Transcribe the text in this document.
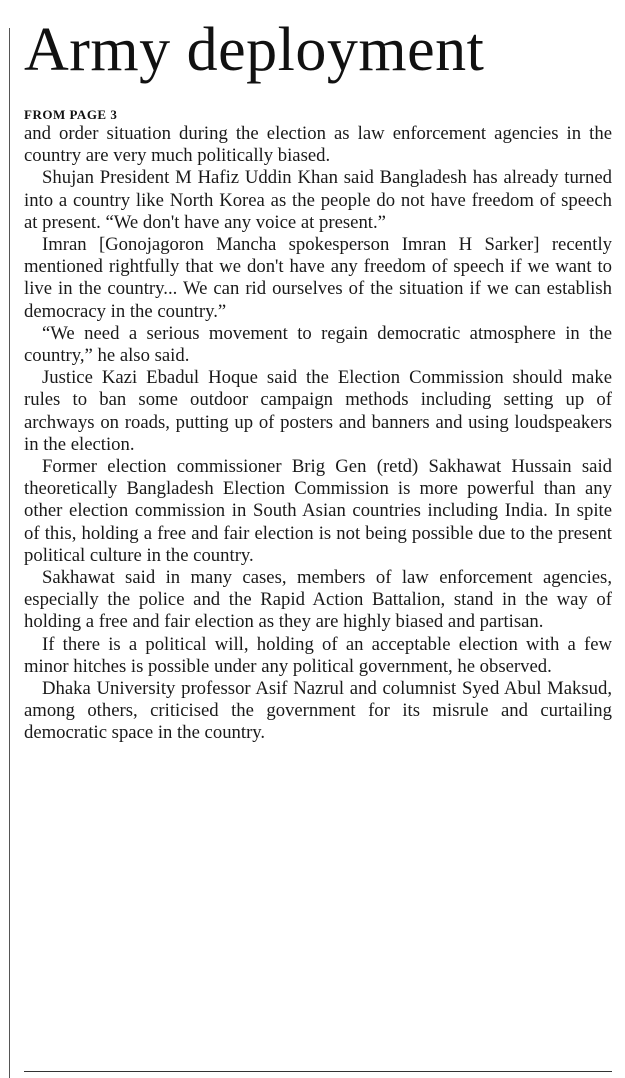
Army deployment
FROM PAGE 3

and order situation during the election as law enforcement agencies in the country are very much politically biased.

Shujan President M Hafiz Uddin Khan said Bangladesh has already turned into a country like North Korea as the people do not have freedom of speech at present. “We don't have any voice at present.”

Imran [Gonojagoron Mancha spokesperson Imran H Sarker] recently mentioned rightfully that we don't have any freedom of speech if we want to live in the country... We can rid ourselves of the situation if we can establish democracy in the country.”

“We need a serious movement to regain democratic atmosphere in the country,” he also said.

Justice Kazi Ebadul Hoque said the Election Commission should make rules to ban some outdoor campaign methods including setting up of archways on roads, putting up of posters and banners and using loudspeakers in the election.

Former election commissioner Brig Gen (retd) Sakhawat Hussain said theoretically Bangladesh Election Commission is more powerful than any other election commission in South Asian countries including India. In spite of this, holding a free and fair election is not being possible due to the present political culture in the country.

Sakhawat said in many cases, members of law enforcement agencies, especially the police and the Rapid Action Battalion, stand in the way of holding a free and fair election as they are highly biased and partisan.

If there is a political will, holding of an acceptable election with a few minor hitches is possible under any political government, he observed.

Dhaka University professor Asif Nazrul and columnist Syed Abul Maksud, among others, criticised the government for its misrule and curtailing democratic space in the country.
